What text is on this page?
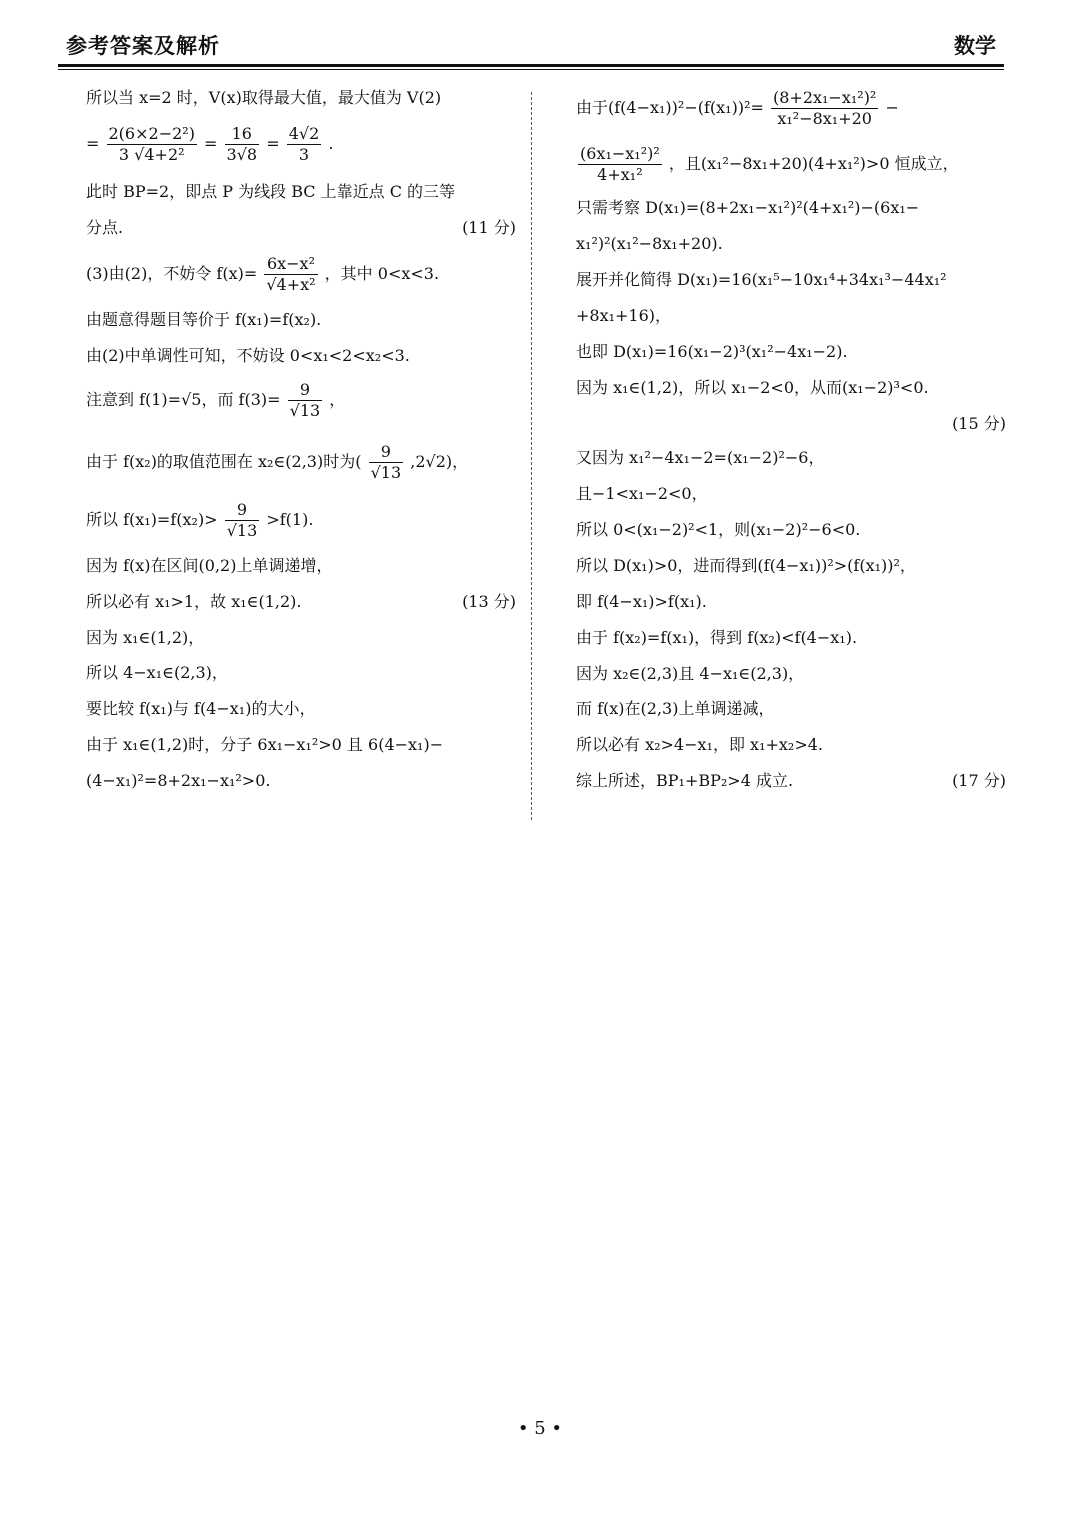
参考答案及解析	数学
所以当 x=2 时，V(x)取得最大值，最大值为 V(2)
= $\frac{\text{2(6×2−2²)}}{\text{3 √4+2²}} = \frac{16}{3√8} = \frac{4√2}{3}$ .
此时 BP=2，即点 P 为线段 BC 上靠近点 C 的三等
分点.	(11 分)
(3)由(2)，不妨令 $f(x)= \frac{\text{6x−x²}}{\text{√4+x²}}$ ，其中 0<x<3.
由题意得题目等价于 f(x₁)=f(x₂).
由(2)中单调性可知，不妨设 0<x₁<2<x₂<3.
注意到 f(1)=√5，而 $f(3)= \frac{9}{√13}$ ，
由于 f(x₂)的取值范围在 x₂∈(2,3)时为( $\frac{9}{√13} ,2√2$)，
所以 $f(x_1)=f(x_2)> \frac{9}{√13} >f(1)$.
因为 f(x)在区间(0,2)上单调递增，
所以必有 x₁>1，故 x₁∈(1,2).	(13 分)
因为 x₁∈(1,2)，
所以 4−x₁∈(2,3)，
要比较 f(x₁)与 f(4−x₁)的大小，
由于 x₁∈(1,2)时，分子 6x₁−x₁²>0 且 6(4−x₁)−
(4−x₁)²=8+2x₁−x₁²>0.
由于$(f(4-x_1))^2-(f(x_1))^2= \frac{\text{(8+2x₁−x₁²)²}}{\text{x₁²−8x₁+20}}$ −
$\frac{\text{(6x₁−x₁²)²}}{\text{4+x₁²}}$ ，且(x₁²−8x₁+20)(4+x₁²)>0 恒成立，
只需考察 D(x₁)=(8+2x₁−x₁²)²(4+x₁²)−(6x₁−
x₁²)²(x₁²−8x₁+20).
展开并化简得 D(x₁)=16(x₁⁵−10x₁⁴+34x₁³−44x₁²
+8x₁+16)，
也即 D(x₁)=16(x₁−2)³(x₁²−4x₁−2).
因为 x₁∈(1,2)，所以 x₁−2<0，从而(x₁−2)³<0.
(15 分)
又因为 x₁²−4x₁−2=(x₁−2)²−6，
且−1<x₁−2<0，
所以 0<(x₁−2)²<1，则(x₁−2)²−6<0.
所以 D(x₁)>0，进而得到(f(4−x₁))²>(f(x₁))²，
即 f(4−x₁)>f(x₁).
由于 f(x₂)=f(x₁)，得到 f(x₂)<f(4−x₁).
因为 x₂∈(2,3)且 4−x₁∈(2,3)，
而 f(x)在(2,3)上单调递减，
所以必有 x₂>4−x₁，即 x₁+x₂>4.
综上所述，BP₁+BP₂>4 成立.	(17 分)
• 5 •
